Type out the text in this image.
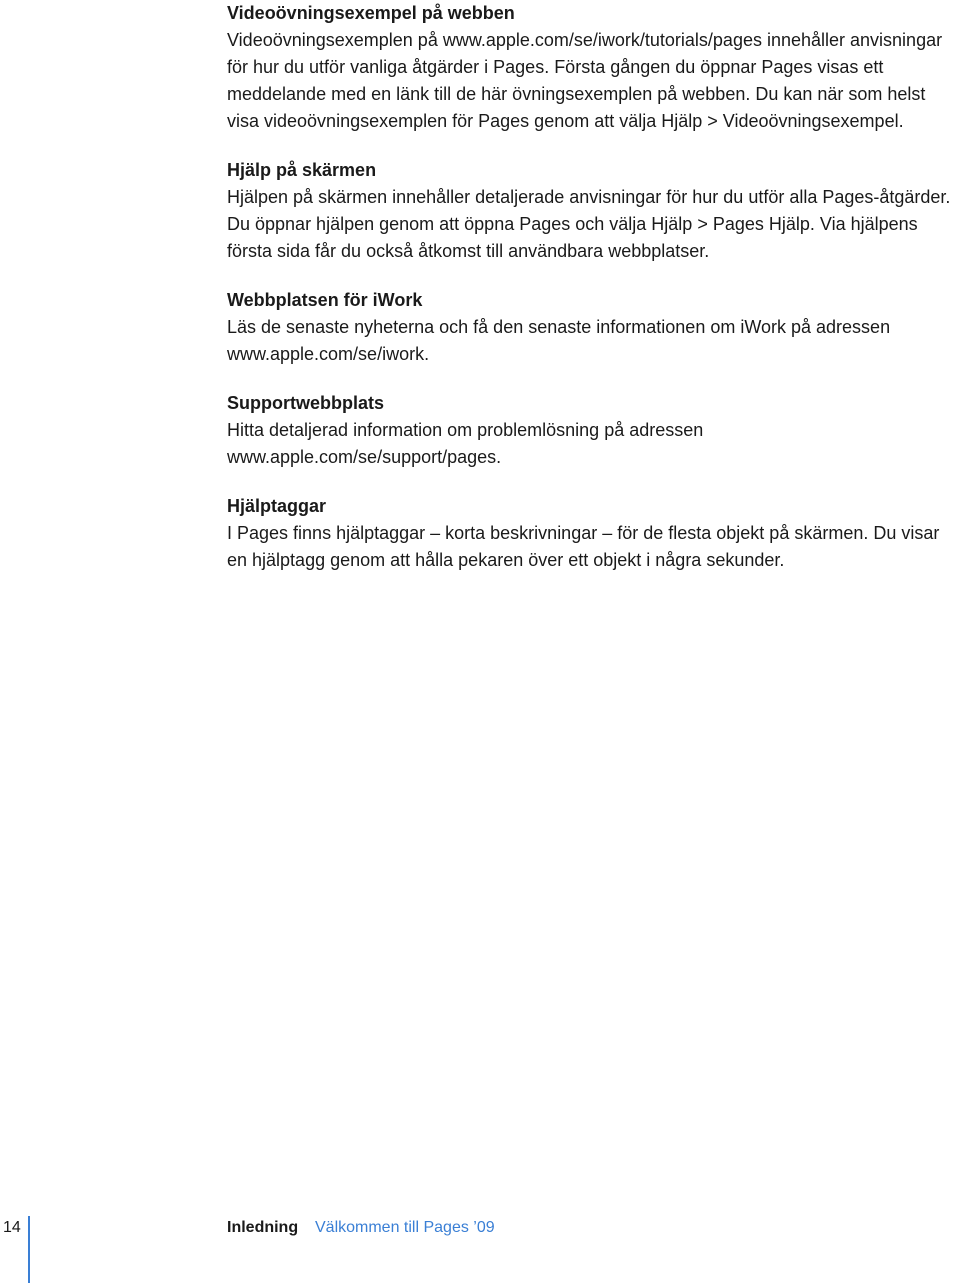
Videoövningsexempel på webben

Videoövningsexemplen på www.apple.com/se/iwork/tutorials/pages innehåller anvisningar för hur du utför vanliga åtgärder i Pages. Första gången du öppnar Pages visas ett meddelande med en länk till de här övningsexemplen på webben. Du kan när som helst visa videoövningsexemplen för Pages genom att välja Hjälp > Videoövningsexempel.

Hjälp på skärmen

Hjälpen på skärmen innehåller detaljerade anvisningar för hur du utför alla Pages-åtgärder. Du öppnar hjälpen genom att öppna Pages och välja Hjälp > Pages Hjälp. Via hjälpens första sida får du också åtkomst till användbara webbplatser.

Webbplatsen för iWork

Läs de senaste nyheterna och få den senaste informationen om iWork på adressen www.apple.com/se/iwork.

Supportwebbplats

Hitta detaljerad information om problemlösning på adressen www.apple.com/se/support/pages.

Hjälptaggar

I Pages finns hjälptaggar – korta beskrivningar – för de flesta objekt på skärmen. Du visar en hjälptagg genom att hålla pekaren över ett objekt i några sekunder.

14	Inledning Välkommen till Pages ’09
